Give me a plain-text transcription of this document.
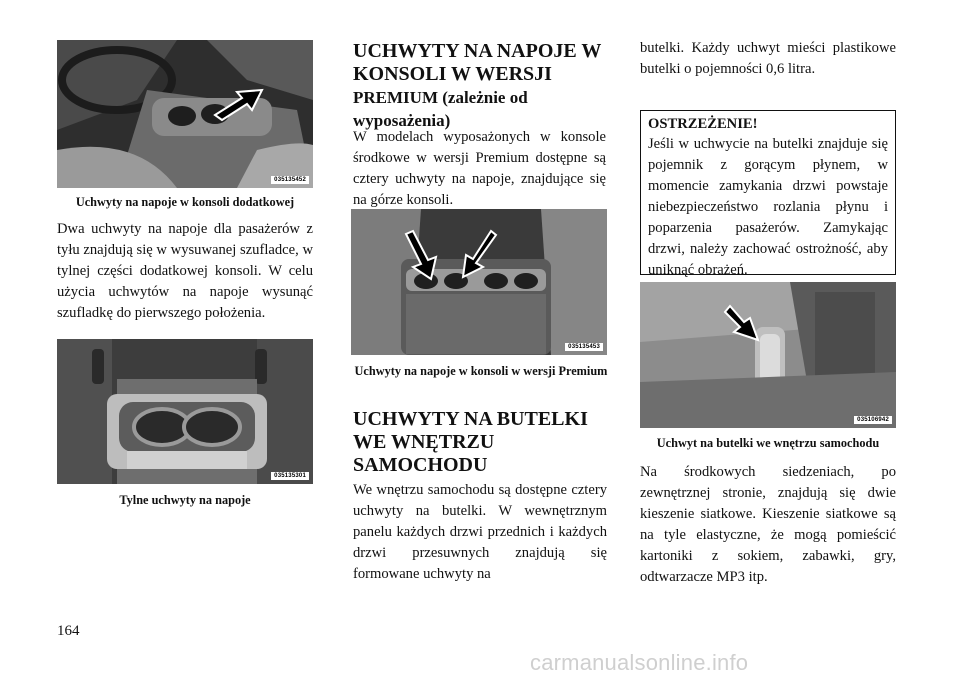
035135452
Uchwyty na napoje w konsoli dodatkowej

Dwa uchwyty na napoje dla pasażerów z tyłu znajdują się w wysuwanej szufladce, w tylnej części dodatkowej konsoli. W celu użycia uchwytów na napoje wysunąć szufladkę do pierwszego położenia.

035135301
Tylne uchwyty na napoje
UCHWYTY NA NAPOJE W KONSOLI W WERSJI
PREMIUM (zależnie od wyposażenia)

W modelach wyposażonych w konsole środkowe w wersji Premium dostępne są cztery uchwyty na napoje, znajdujące się na górze konsoli.

035135453
Uchwyty na napoje w konsoli w wersji Premium
UCHWYTY NA BUTELKI WE WNĘTRZU SAMOCHODU

We wnętrzu samochodu są dostępne cztery uchwyty na butelki. W wewnętrznym panelu każdych drzwi przednich i każdych drzwi przesuwnych znajdują się formowane uchwyty na

butelki. Każdy uchwyt mieści plastikowe butelki o pojemności 0,6 litra.

OSTRZEŻENIE!

Jeśli w uchwycie na butelki znajduje się pojemnik z gorącym płynem, w momencie zamykania drzwi powstaje niebezpieczeństwo rozlania płynu i poparzenia pasażerów. Zamykając drzwi, należy zachować ostrożność, aby uniknąć obrażeń.

035106942
Uchwyt na butelki we wnętrzu samochodu

Na środkowych siedzeniach, po zewnętrznej stronie, znajdują się dwie kieszenie siatkowe. Kieszenie siatkowe są na tyle elastyczne, że mogą pomieścić kartoniki z sokiem, zabawki, gry, odtwarzacze MP3 itp.

164
carmanualsonline.info
